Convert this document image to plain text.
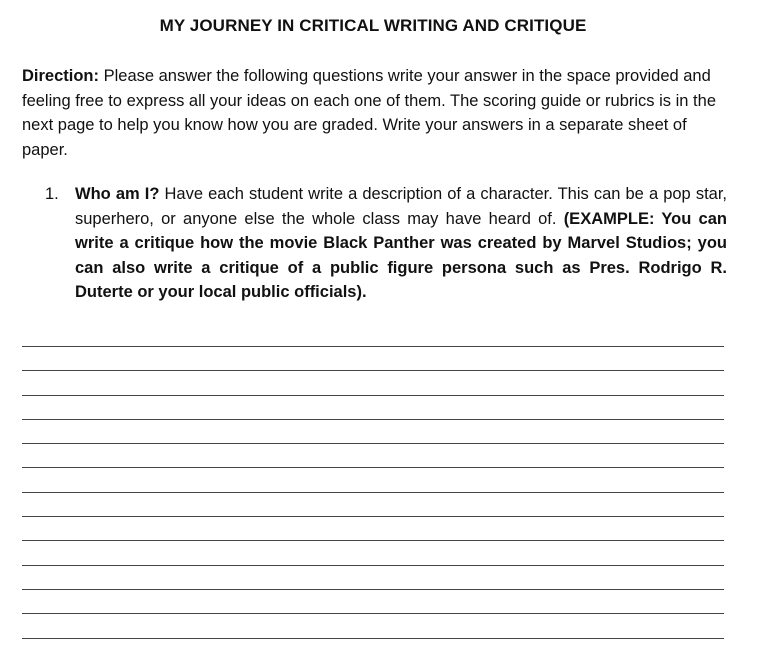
MY JOURNEY IN CRITICAL WRITING AND CRITIQUE
Direction: Please answer the following questions write your answer in the space provided and feeling free to express all your ideas on each one of them. The scoring guide or rubrics is in the next page to help you know how you are graded. Write your answers in a separate sheet of paper.
1. Who am I? Have each student write a description of a character. This can be a pop star, superhero, or anyone else the whole class may have heard of. (EXAMPLE: You can write a critique how the movie Black Panther was created by Marvel Studios; you can also write a critique of a public figure persona such as Pres. Rodrigo R. Duterte or your local public officials).
